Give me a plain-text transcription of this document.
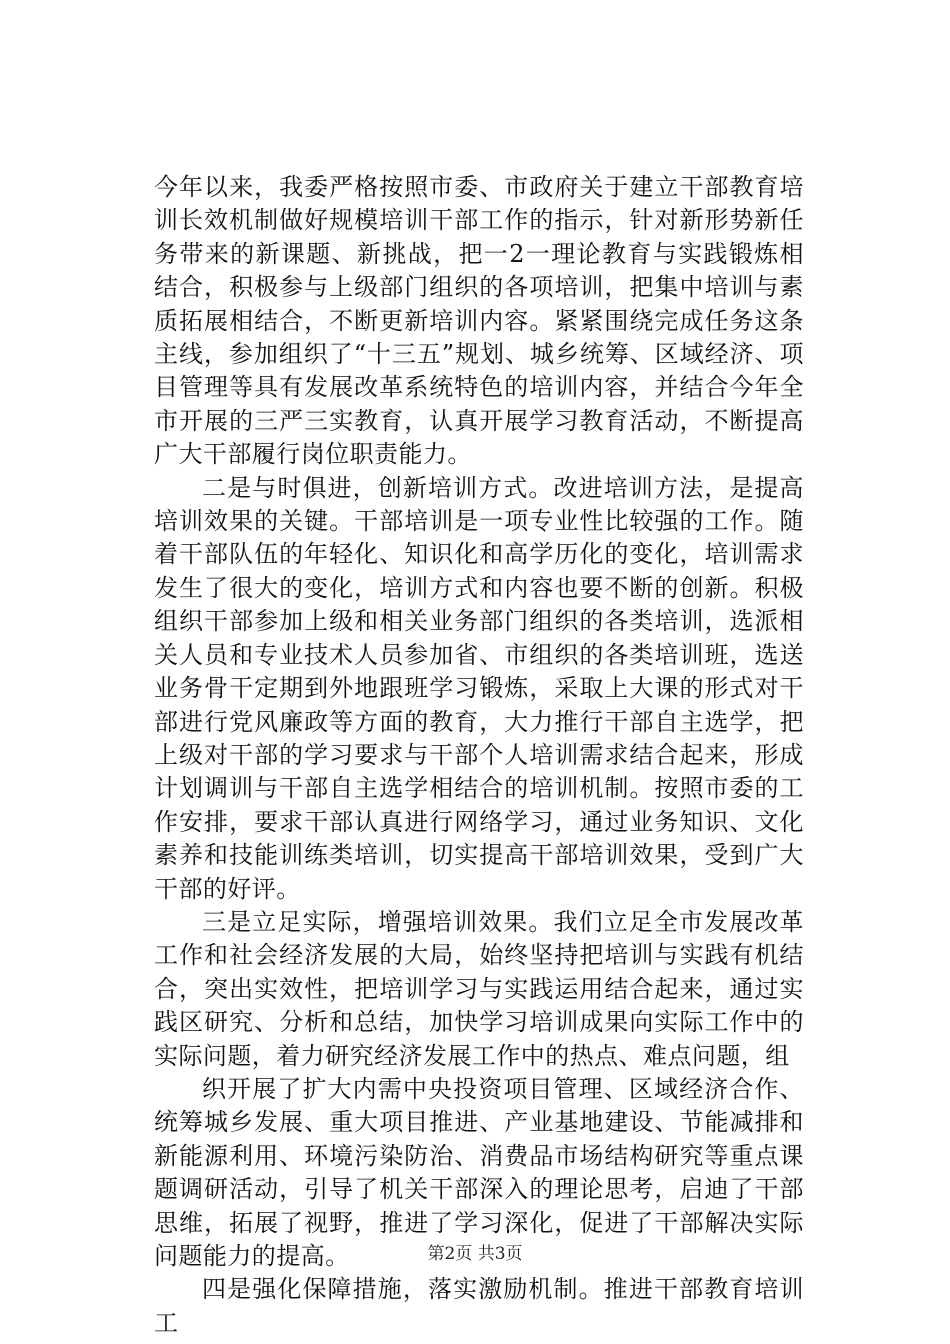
今年以来，我委严格按照市委、市政府关于建立干部教育培训长效机制做好规模培训干部工作的指示，针对新形势新任务带来的新课题、新挑战，把一2一理论教育与实践锻炼相结合，积极参与上级部门组织的各项培训，把集中培训与素质拓展相结合，不断更新培训内容。紧紧围绕完成任务这条主线，参加组织了“十三五”规划、城乡统筹、区域经济、项目管理等具有发展改革系统特色的培训内容，并结合今年全市开展的三严三实教育，认真开展学习教育活动，不断提高广大干部履行岗位职责能力。

二是与时俱进，创新培训方式。改进培训方法，是提高培训效果的关键。干部培训是一项专业性比较强的工作。随着干部队伍的年轻化、知识化和高学历化的变化，培训需求发生了很大的变化，培训方式和内容也要不断的创新。积极组织干部参加上级和相关业务部门组织的各类培训，选派相关人员和专业技术人员参加省、市组织的各类培训班，选送业务骨干定期到外地跟班学习锻炼，采取上大课的形式对干部进行党风廉政等方面的教育，大力推行干部自主选学，把上级对干部的学习要求与干部个人培训需求结合起来，形成计划调训与干部自主选学相结合的培训机制。按照市委的工作安排，要求干部认真进行网络学习，通过业务知识、文化素养和技能训练类培训，切实提高干部培训效果，受到广大干部的好评。

三是立足实际，增强培训效果。我们立足全市发展改革工作和社会经济发展的大局，始终坚持把培训与实践有机结合，突出实效性，把培训学习与实践运用结合起来，通过实践区研究、分析和总结，加快学习培训成果向实际工作中的实际问题，着力研究经济发展工作中的热点、难点问题，组

织开展了扩大内需中央投资项目管理、区域经济合作、统筹城乡发展、重大项目推进、产业基地建设、节能减排和新能源利用、环境污染防治、消费品市场结构研究等重点课题调研活动，引导了机关干部深入的理论思考，启迪了干部思维，拓展了视野，推进了学习深化，促进了干部解决实际问题能力的提高。

四是强化保障措施，落实激励机制。推进干部教育培训工

第2页 共3页
